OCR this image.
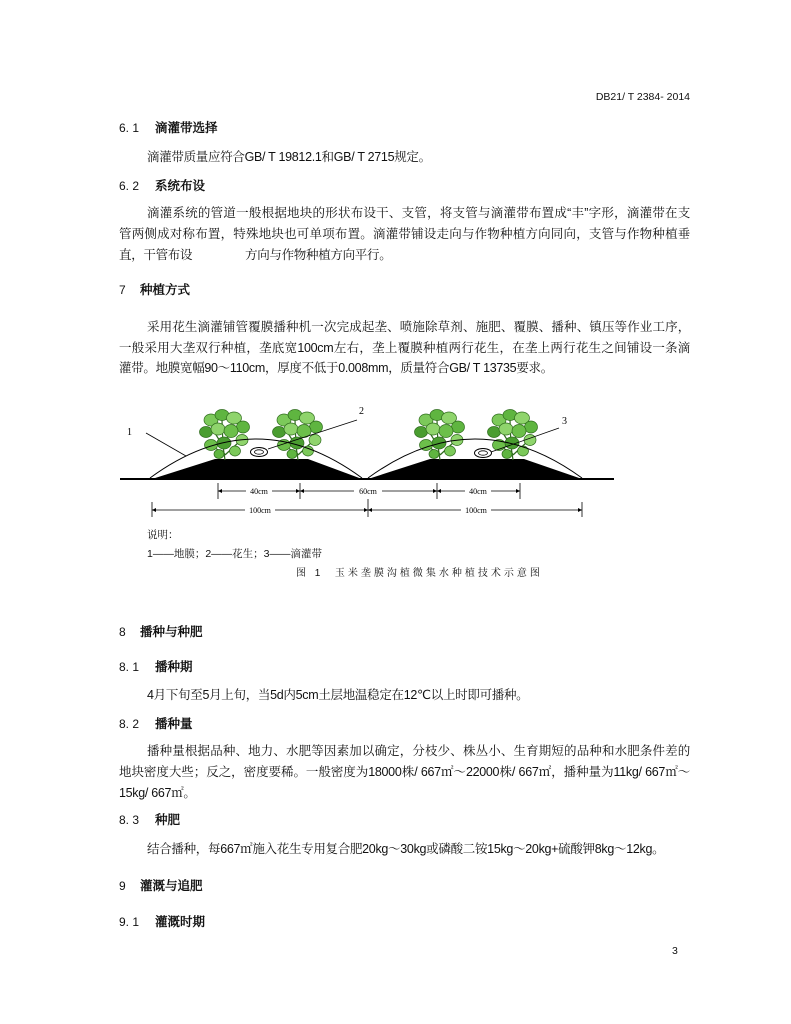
DB21/ T 2384- 2014
6. 1 滴灌带选择
滴灌带质量应符合GB/ T 19812.1和GB/ T 2715规定。
6. 2 系统布设
滴灌系统的管道一般根据地块的形状布设干、支管，将支管与滴灌带布置成“丰”字形，滴灌带在支
管两侧成对称布置，特殊地块也可单项布置。滴灌带铺设走向与作物种植方向同向，支管与作物种植垂
直，干管布设	方向与作物种植方向平行。
7 种植方式
采用花生滴灌铺管覆膜播种机一次完成起垄、喷施除草剂、施肥、覆膜、播种、镇压等作业工序，
一般采用大垄双行种植，垄底宽100cm左右，垄上覆膜种植两行花生，在垄上两行花生之间铺设一条滴
灌带。地膜宽幅90～110cm，厚度不低于0.008mm，质量符合GB/ T 13735要求。
1
2
3
40cm	60cm	40cm
100cm	100cm
说明：
1——地膜；2——花生；3——滴灌带
图 1  玉米垄膜沟植微集水种植技术示意图
8 播种与种肥
8. 1 播种期
4月下旬至5月上旬，当5d内5cm土层地温稳定在12℃以上时即可播种。
8. 2 播种量
播种量根据品种、地力、水肥等因素加以确定，分枝少、株丛小、生育期短的品种和水肥条件差的
地块密度大些；反之，密度要稀。一般密度为18000株/ 667㎡～22000株/ 667㎡，播种量为11kg/ 667㎡～
15kg/ 667㎡。
8. 3 种肥
结合播种，每667㎡施入花生专用复合肥20kg～30kg或磷酸二铵15kg～20kg+硫酸钾8kg～12kg。
9 灌溉与追肥
9. 1 灌溉时期
3
